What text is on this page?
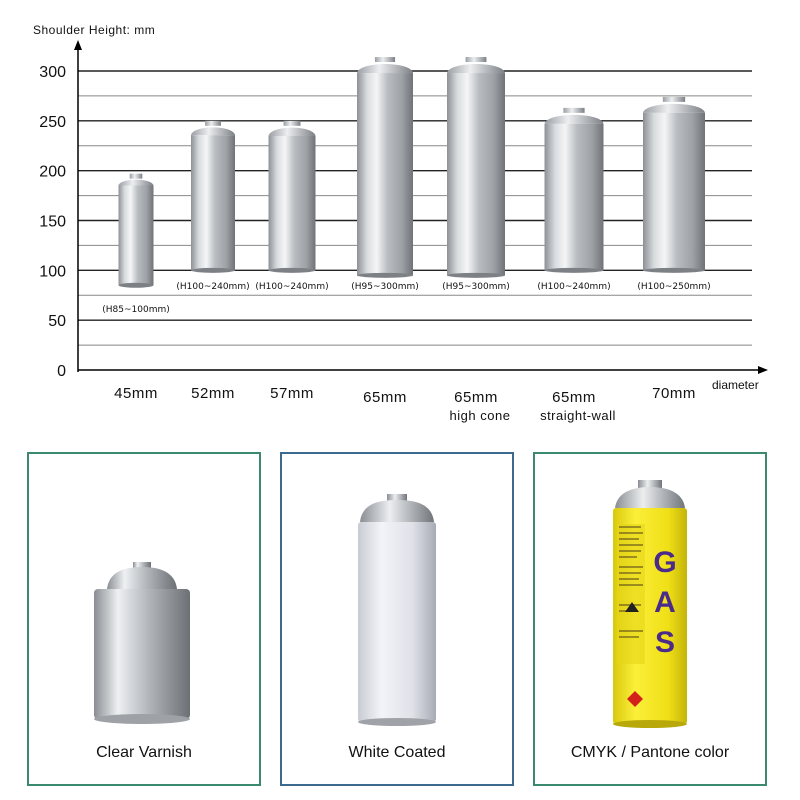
Shoulder Height: mm
0
50
100
150
200
250
300
(H85~100mm)
(H100~240mm) (H100~240mm)	(H95~300mm)	(H95~300mm)	(H100~240mm)	(H100~250mm)
45mm 52mm 57mm	65mm	65mm
high cone
65mm
straight-wall
70mm diameter
Clear Varnish	White Coated
G
A
S
CMYK / Pantone color
